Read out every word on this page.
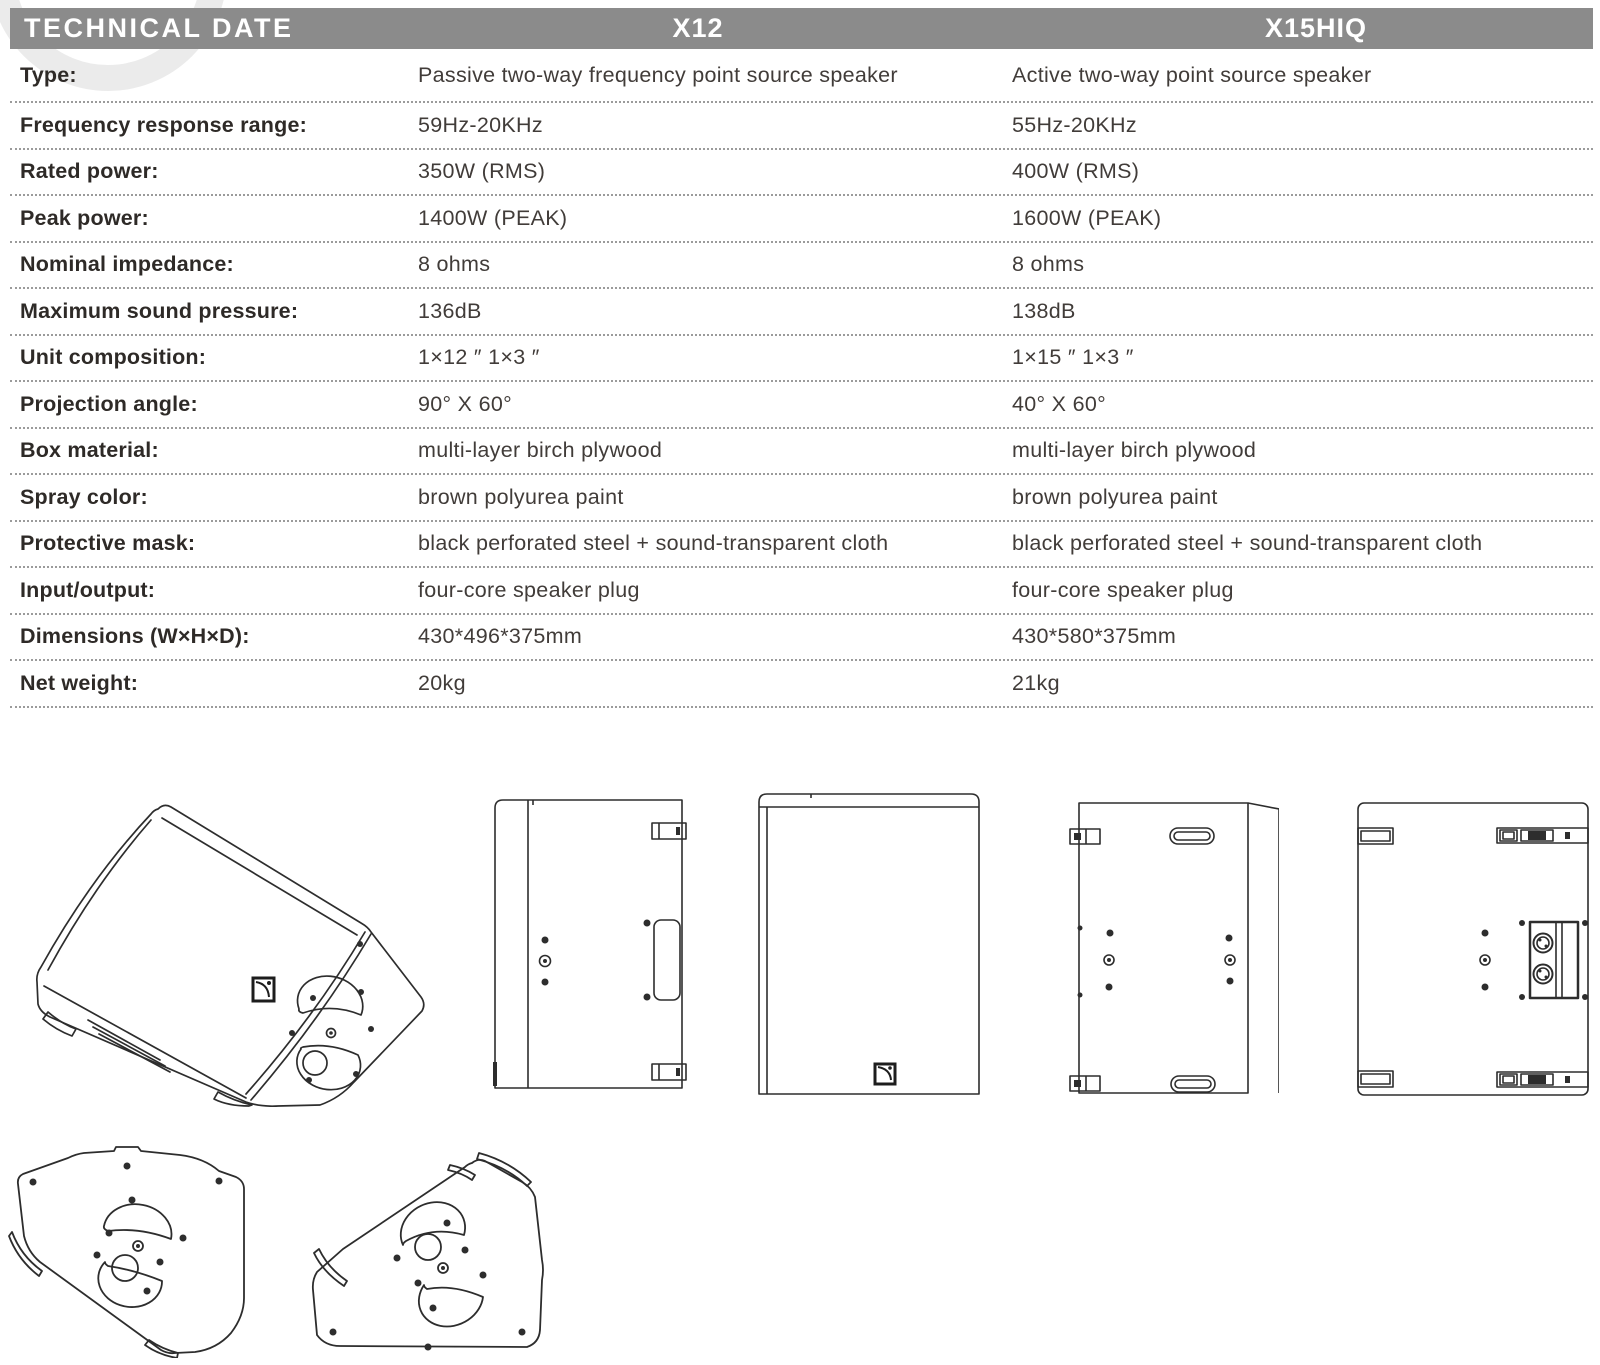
TECHNICAL DATE	X12	X15HIQ
Type:	Passive two-way frequency point source speaker	Active two-way point source speaker
Frequency response range:	59Hz-20KHz	55Hz-20KHz
Rated power:	350W (RMS)	400W (RMS)
Peak power:	1400W (PEAK)	1600W (PEAK)
Nominal impedance:	8 ohms	8 ohms
Maximum sound pressure:	136dB	138dB
Unit composition:	1×12 ″ 1×3 ″	1×15 ″ 1×3 ″
Projection angle:	90° X 60°	40° X 60°
Box material:	multi-layer birch plywood	multi-layer birch plywood
Spray color:	brown polyurea paint	brown polyurea paint
Protective mask:	black perforated steel + sound-transparent cloth	black perforated steel + sound-transparent cloth
Input/output:	four-core speaker plug	four-core speaker plug
Dimensions (W×H×D):	430*496*375mm	430*580*375mm
Net weight:	20kg	21kg
